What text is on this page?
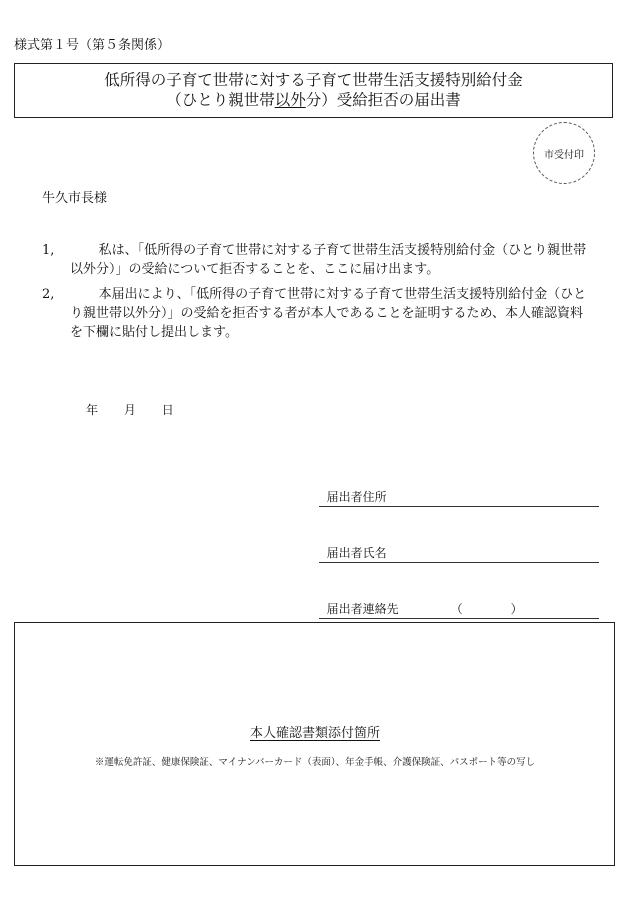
様式第１号（第５条関係）
低所得の子育て世帯に対する子育て世帯生活支援特別給付金
（ひとり親世帯以外分）受給拒否の届出書
市受付印
牛久市長様
1,	私は、「低所得の子育て世帯に対する子育て世帯生活支援特別給付金（ひとり親世帯以外分）」の受給について拒否することを、ここに届け出ます。
2,	本届出により、「低所得の子育て世帯に対する子育て世帯生活支援特別給付金（ひとり親世帯以外分）」の受給を拒否する者が本人であることを証明するため、本人確認資料を下欄に貼付し提出します。
年 月 日

届出者住所

届出者氏名

届出者連絡先	（　　　　）

本人確認書類添付箇所
※運転免許証、健康保険証、マイナンバーカード（表面）、年金手帳、介護保険証、パスポート等の写し
